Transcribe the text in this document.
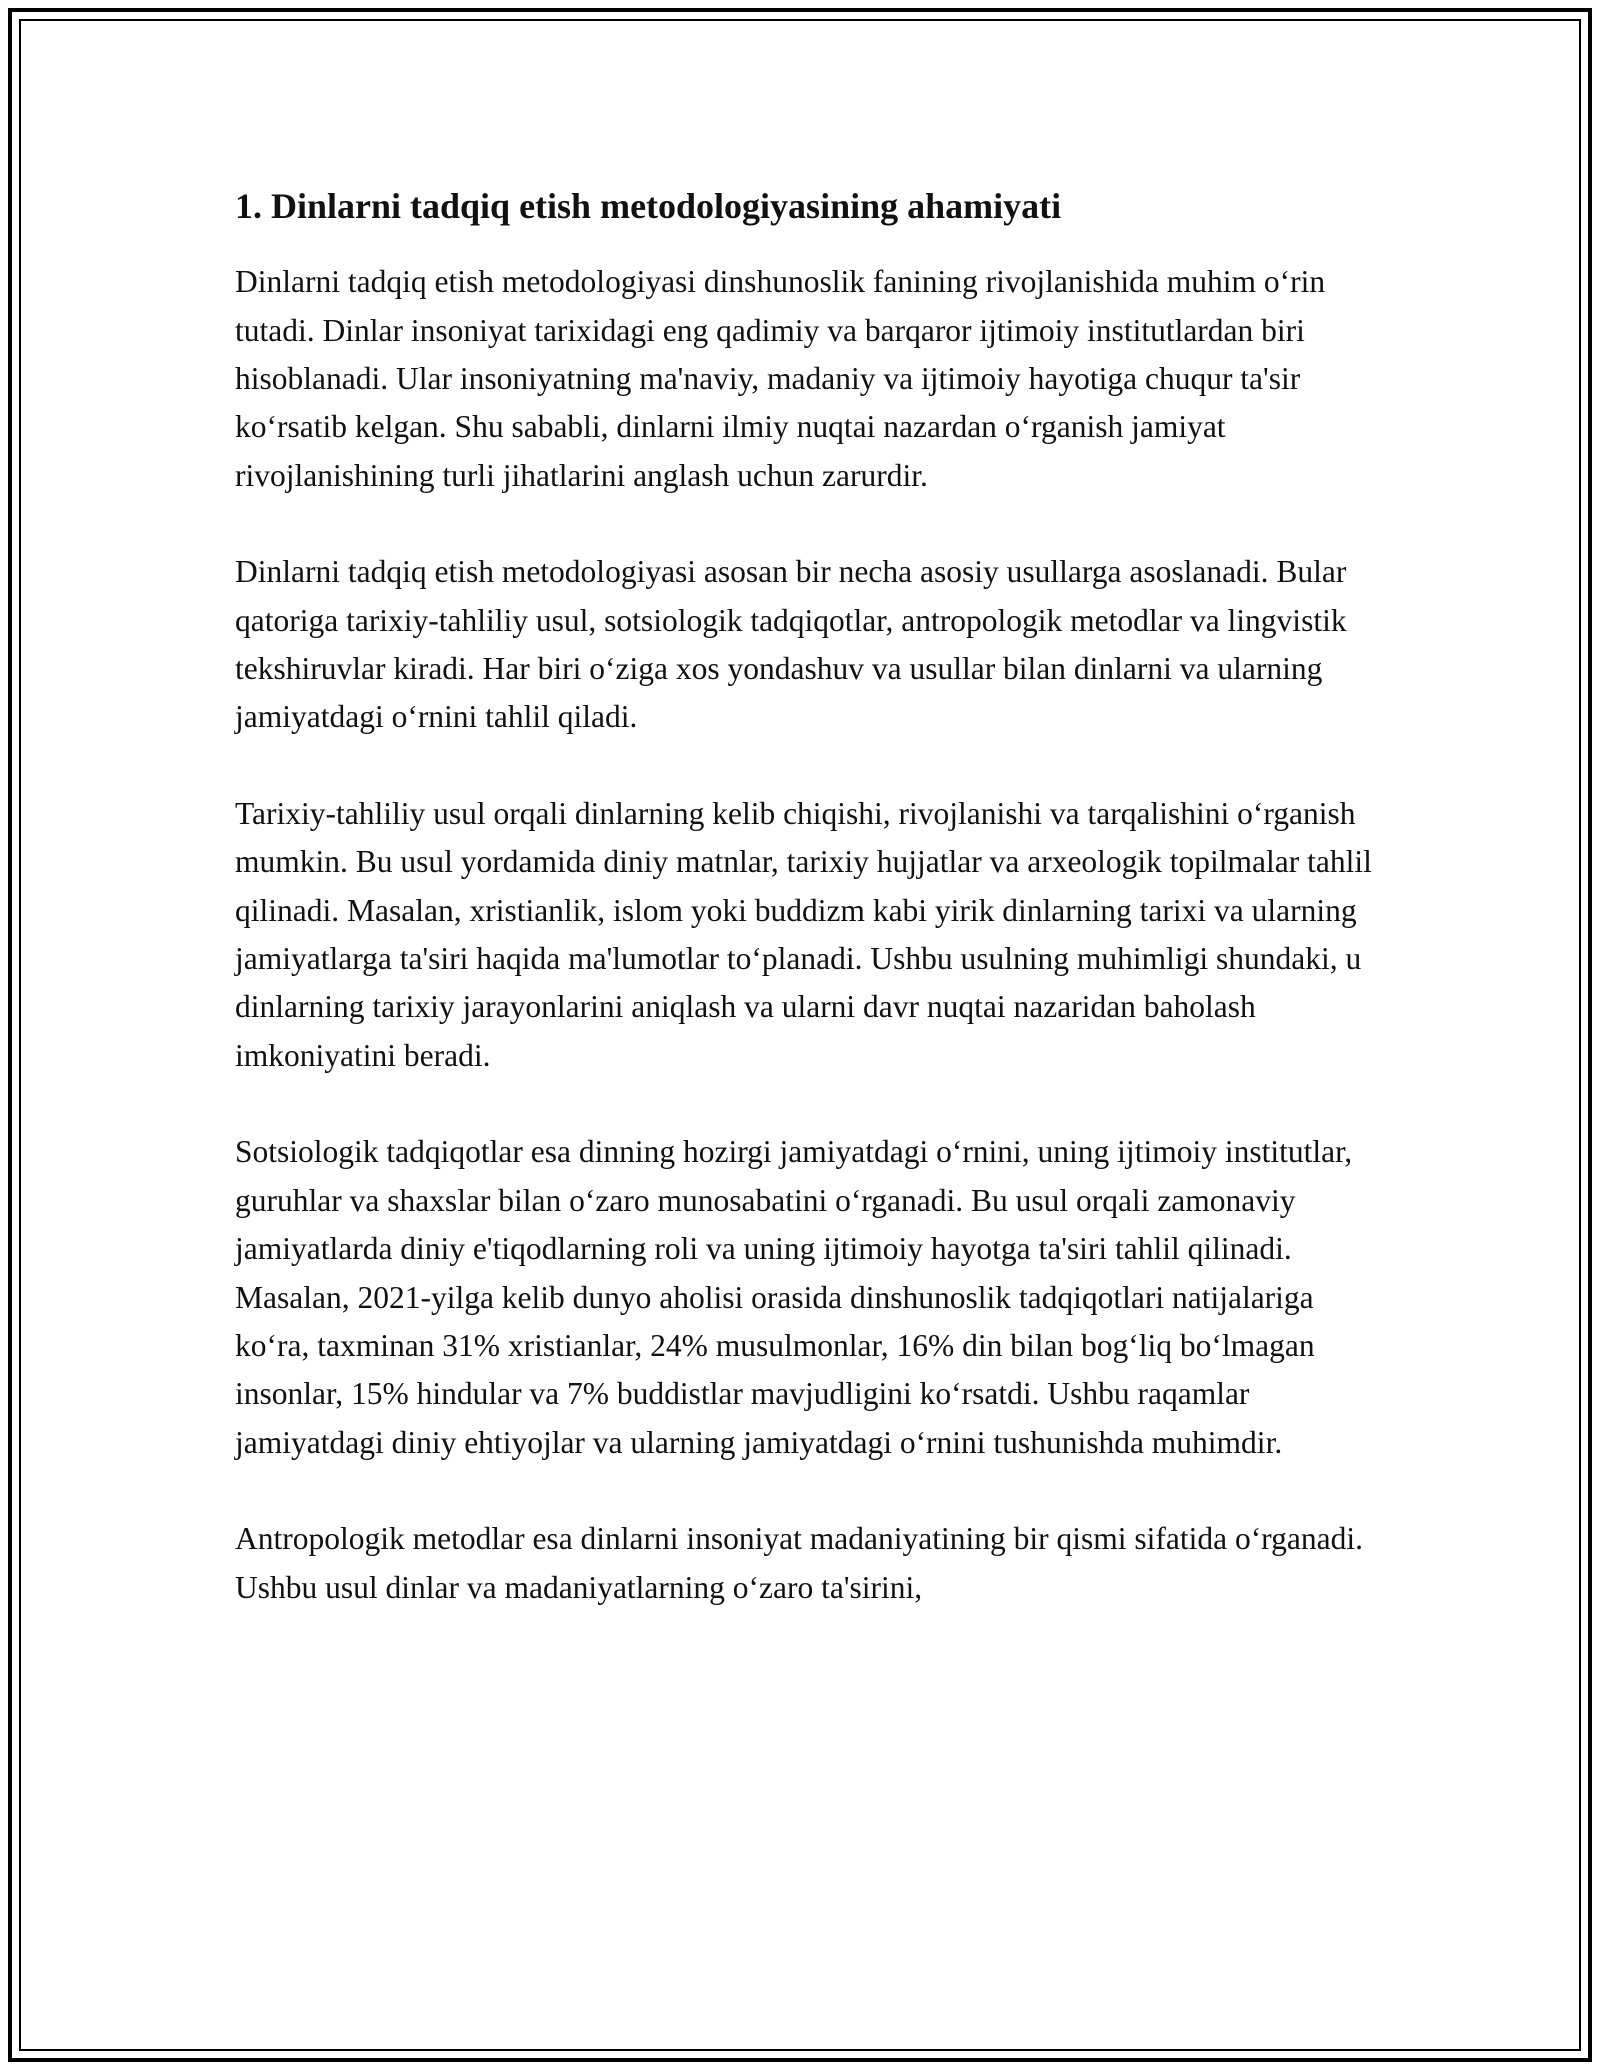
1. Dinlarni tadqiq etish metodologiyasining ahamiyati

Dinlarni tadqiq etish metodologiyasi dinshunoslik fanining rivojlanishida muhim o‘rin tutadi. Dinlar insoniyat tarixidagi eng qadimiy va barqaror ijtimoiy institutlardan biri hisoblanadi. Ular insoniyatning ma'naviy, madaniy va ijtimoiy hayotiga chuqur ta'sir ko‘rsatib kelgan. Shu sababli, dinlarni ilmiy nuqtai nazardan o‘rganish jamiyat rivojlanishining turli jihatlarini anglash uchun zarurdir.

Dinlarni tadqiq etish metodologiyasi asosan bir necha asosiy usullarga asoslanadi. Bular qatoriga tarixiy-tahliliy usul, sotsiologik tadqiqotlar, antropologik metodlar va lingvistik tekshiruvlar kiradi. Har biri o‘ziga xos yondashuv va usullar bilan dinlarni va ularning jamiyatdagi o‘rnini tahlil qiladi.

Tarixiy-tahliliy usul orqali dinlarning kelib chiqishi, rivojlanishi va tarqalishini o‘rganish mumkin. Bu usul yordamida diniy matnlar, tarixiy hujjatlar va arxeologik topilmalar tahlil qilinadi. Masalan, xristianlik, islom yoki buddizm kabi yirik dinlarning tarixi va ularning jamiyatlarga ta'siri haqida ma'lumotlar to‘planadi. Ushbu usulning muhimligi shundaki, u dinlarning tarixiy jarayonlarini aniqlash va ularni davr nuqtai nazaridan baholash imkoniyatini beradi.

Sotsiologik tadqiqotlar esa dinning hozirgi jamiyatdagi o‘rnini, uning ijtimoiy institutlar, guruhlar va shaxslar bilan o‘zaro munosabatini o‘rganadi. Bu usul orqali zamonaviy jamiyatlarda diniy e'tiqodlarning roli va uning ijtimoiy hayotga ta'siri tahlil qilinadi. Masalan, 2021-yilga kelib dunyo aholisi orasida dinshunoslik tadqiqotlari natijalariga ko‘ra, taxminan 31% xristianlar, 24% musulmonlar, 16% din bilan bog‘liq bo‘lmagan insonlar, 15% hindular va 7% buddistlar mavjudligini ko‘rsatdi. Ushbu raqamlar jamiyatdagi diniy ehtiyojlar va ularning jamiyatdagi o‘rnini tushunishda muhimdir.

Antropologik metodlar esa dinlarni insoniyat madaniyatining bir qismi sifatida o‘rganadi. Ushbu usul dinlar va madaniyatlarning o‘zaro ta'sirini,
